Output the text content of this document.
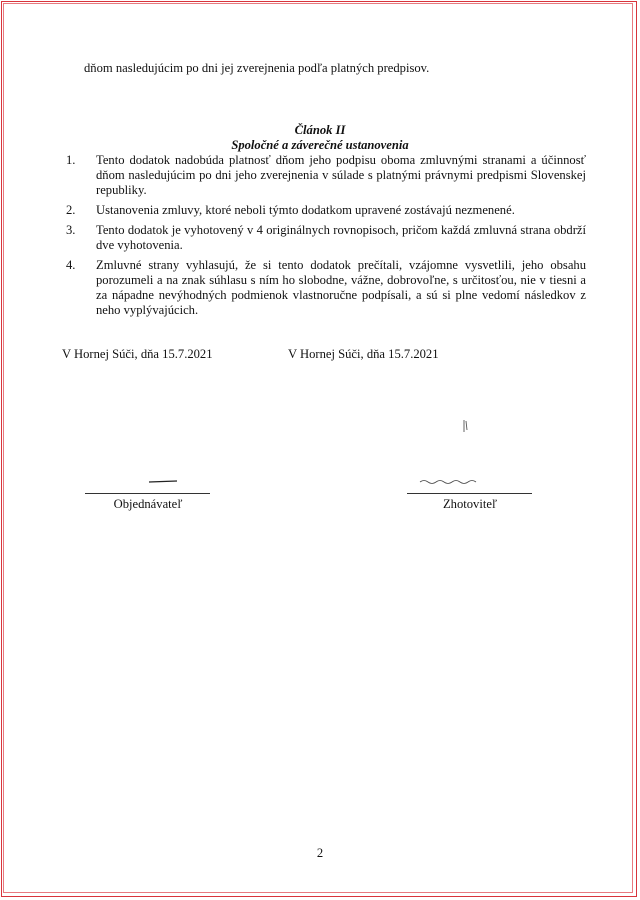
dňom nasledujúcim po dni jej zverejnenia podľa platných predpisov.
Článok II
Spoločné a záverečné ustanovenia
1.	Tento dodatok nadobúda platnosť dňom jeho podpisu oboma zmluvnými stranami a účinnosť dňom nasledujúcim po dni jeho zverejnenia v súlade s platnými právnymi predpismi Slovenskej republiky.
2.	Ustanovenia zmluvy, ktoré neboli týmto dodatkom upravené zostávajú nezmenené.
3.	Tento dodatok je vyhotovený v 4 originálnych rovnopisoch, pričom každá zmluvná strana obdrží dve vyhotovenia.
4.	Zmluvné strany vyhlasujú, že si tento dodatok prečítali, vzájomne vysvetlili, jeho obsahu porozumeli a na znak súhlasu s ním ho slobodne, vážne, dobrovoľne, s určitosťou, nie v tiesni a za nápadne nevýhodných podmienok vlastnoručne podpísali, a sú si plne vedomí následkov z neho vyplývajúcich.
V Hornej Súči, dňa 15.7.2021	V Hornej Súči, dňa 15.7.2021
Objednávateľ	Zhotoviteľ
2
